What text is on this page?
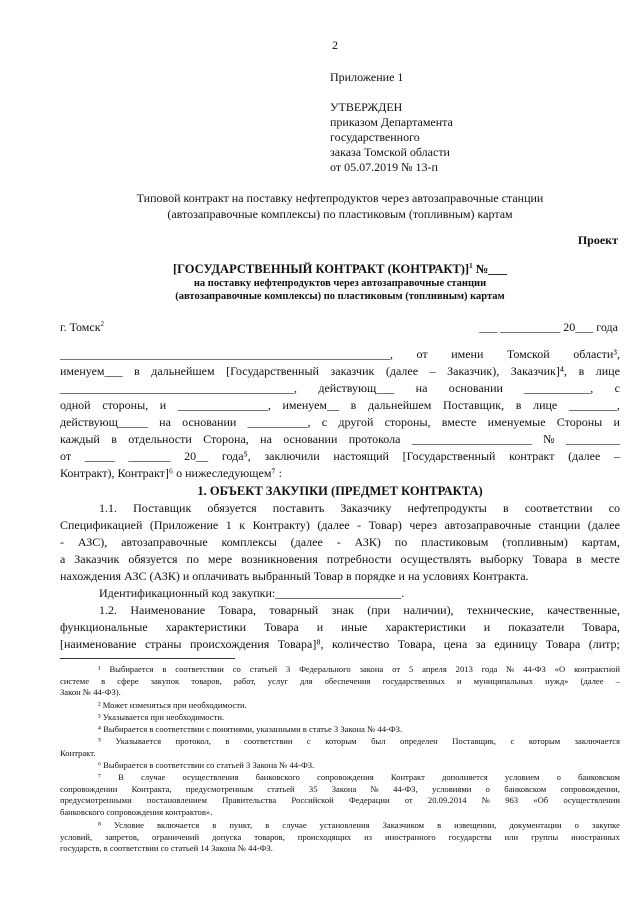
2
Приложение 1
УТВЕРЖДЕН
приказом Департамента
государственного
заказа Томской области
от 05.07.2019 № 13-п
Типовой контракт на поставку нефтепродуктов через автозаправочные станции
(автозаправочные комплексы) по пластиковым (топливным) картам
Проект
[ГОСУДАРСТВЕННЫЙ КОНТРАКТ (КОНТРАКТ)]$^1$ №___
на поставку нефтепродуктов через автозаправочные станции
(автозаправочные комплексы) по пластиковым (топливным) картам
г. Томск$^2$	___ __________ 20___ года
_______________________________________________________, от имени Томской области³,
именуем___ в дальнейшем [Государственный заказчик (далее – Заказчик), Заказчик]⁴, в лице
_______________________________________, действующ___ на основании ___________, с
одной стороны, и _______________, именуем__ в дальнейшем Поставщик, в лице ________,
действующ_____ на основании __________, с другой стороны, вместе именуемые Стороны и
каждый в отдельности Сторона, на основании протокола ____________________ № _________
от _____ _______ 20__ года⁵, заключили настоящий [Государственный контракт (далее –
Контракт), Контракт]⁶ о нижеследующем⁷ :
1. ОБЪЕКТ ЗАКУПКИ (ПРЕДМЕТ КОНТРАКТА)
1.1. Поставщик обязуется поставить Заказчику нефтепродукты в соответствии со
Спецификацией (Приложение 1 к Контракту) (далее - Товар) через автозаправочные станции (далее
- АЗС), автозаправочные комплексы (далее - АЗК) по пластиковым (топливным) картам,
а Заказчик обязуется по мере возникновения потребности осуществлять выборку Товара в месте
нахождения АЗС (АЗК) и оплачивать выбранный Товар в порядке и на условиях Контракта.
Идентификационный код закупки:_____________________.
1.2. Наименование Товара, товарный знак (при наличии), технические, качественные,
функциональные характеристики Товара и иные характеристики и показатели Товара,
[наименование страны происхождения Товара]⁸, количество Товара, цена за единицу Товара (литр;
¹ Выбирается в соответствии со статьей 3 Федерального закона от 5 апреля 2013 года № 44-ФЗ «О контрактной
системе в сфере закупок товаров, работ, услуг для обеспечения государственных и муниципальных нужд» (далее –
Закон № 44-ФЗ).
² Может изменяться при необходимости.
³ Указывается при необходимости.
⁴ Выбирается в соответствии с понятиями, указанными в статье 3 Закона № 44-ФЗ.
⁵ Указывается протокол, в соответствии с которым был определен Поставщик, с которым заключается
Контракт.
⁶ Выбирается в соответствии со статьей 3 Закона № 44-ФЗ.
⁷ В случае осуществления банковского сопровождения Контракт дополняется условием о банковском
сопровождении Контракта, предусмотренным статьей 35 Закона № 44-ФЗ, условиями о банковском сопровождении,
предусмотренными постановлением Правительства Российской Федерации от 20.09.2014 № 963 «Об осуществлении
банковского сопровождения контрактов».
⁸ Условие включается в пункт, в случае установления Заказчиком в извещении, документации о закупке
условий, запретов, ограничений допуска товаров, происходящих из иностранного государства или группы иностранных
государств, в соответствии со статьей 14 Закона № 44-ФЗ.
